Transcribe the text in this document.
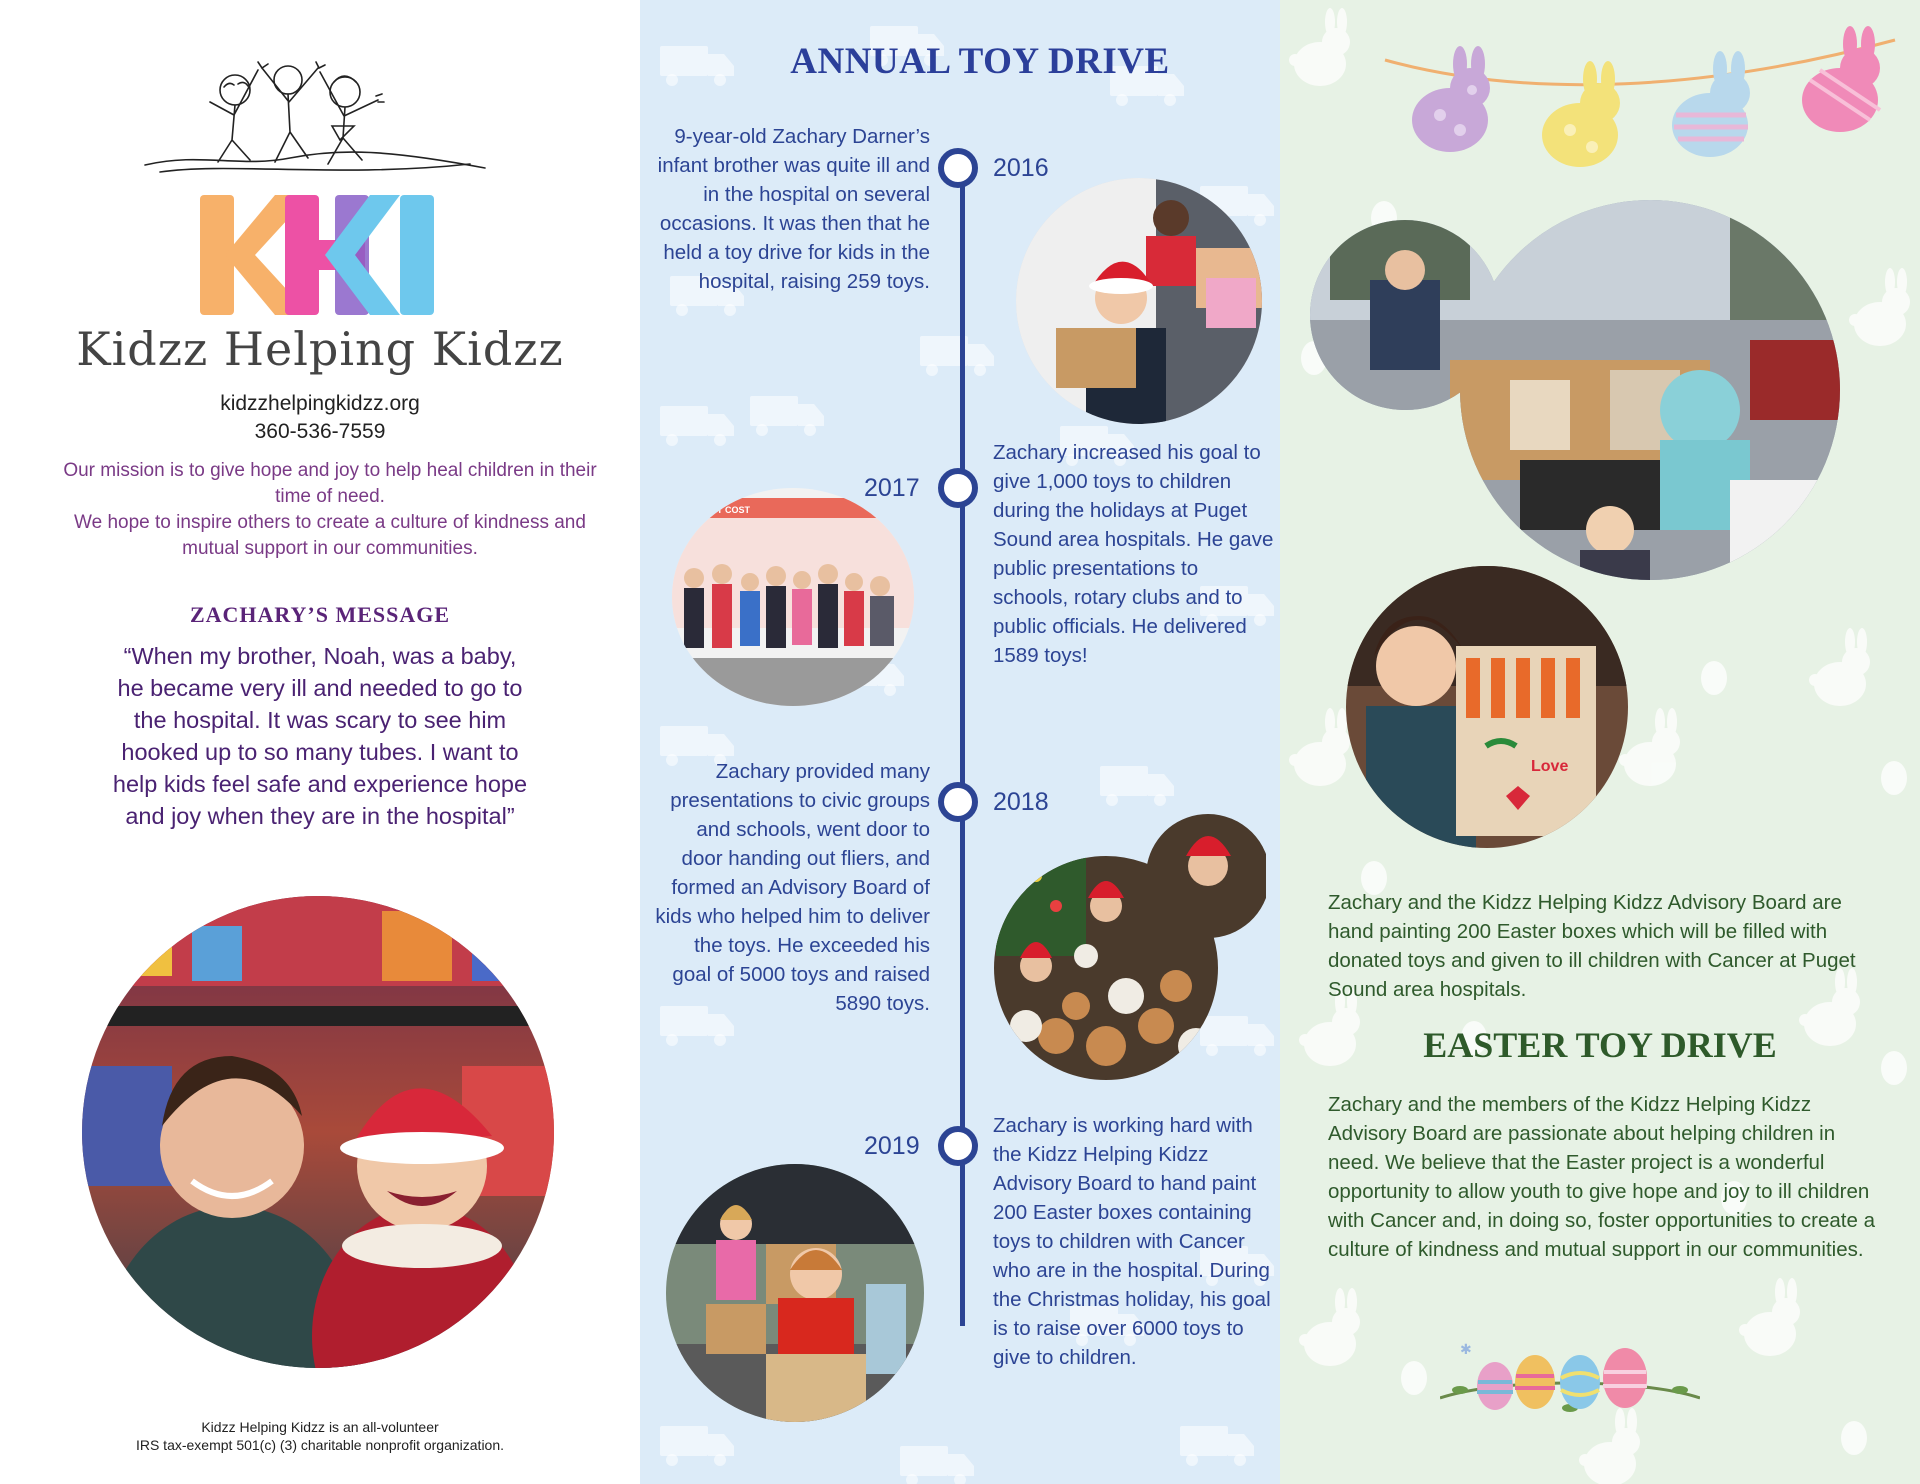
Kidzz Helping Kidzz
kidzzhelpingkidzz.org
360-536-7559

Our mission is to give hope and joy to help heal children in their time of need.

We hope to inspire others to create a culture of kindness and mutual support in our communities.

ZACHARY’S MESSAGE
“When my brother, Noah, was a baby, he became very ill and needed to go to the hospital. It was scary to see him hooked up to so many tubes. I want to help kids feel safe and experience hope and joy when they are in the hospital”
Kidzz Helping Kidzz is an all-volunteer
IRS tax-exempt 501(c) (3) charitable nonprofit organization.
ANNUAL TOY DRIVE
2016
9-year-old Zachary Darner’s infant brother was quite ill and in the hospital on several occasions. It was then that he held a toy drive for kids in the hospital, raising 259 toys.
2017
Zachary increased his goal to give 1,000 toys to children during the holidays at Puget Sound area hospitals. He gave public presentations to schools, rotary clubs and to public officials. He delivered 1589 toys!
LOWEST COST
2018
Zachary provided many presentations to civic groups and schools, went door to door handing out fliers, and formed an Advisory Board of kids who helped him to deliver the toys. He exceeded his goal of 5000 toys and raised 5890 toys.
2019
Zachary is working hard with the Kidzz Helping Kidzz Advisory Board to hand paint 200 Easter boxes containing toys to children with Cancer who are in the hospital. During the Christmas holiday, his goal is to raise over 6000 toys to give to children.
Love
Zachary and the Kidzz Helping Kidzz Advisory Board are hand painting 200 Easter boxes which will be filled with donated toys and given to ill children with Cancer at Puget Sound area hospitals.
EASTER TOY DRIVE
Zachary and the members of the Kidzz Helping Kidzz Advisory Board are passionate about helping children in need. We believe that the Easter project is a wonderful opportunity to allow youth to give hope and joy to ill children with Cancer and, in doing so, foster opportunities to create a culture of kindness and mutual support in our communities.
✱
